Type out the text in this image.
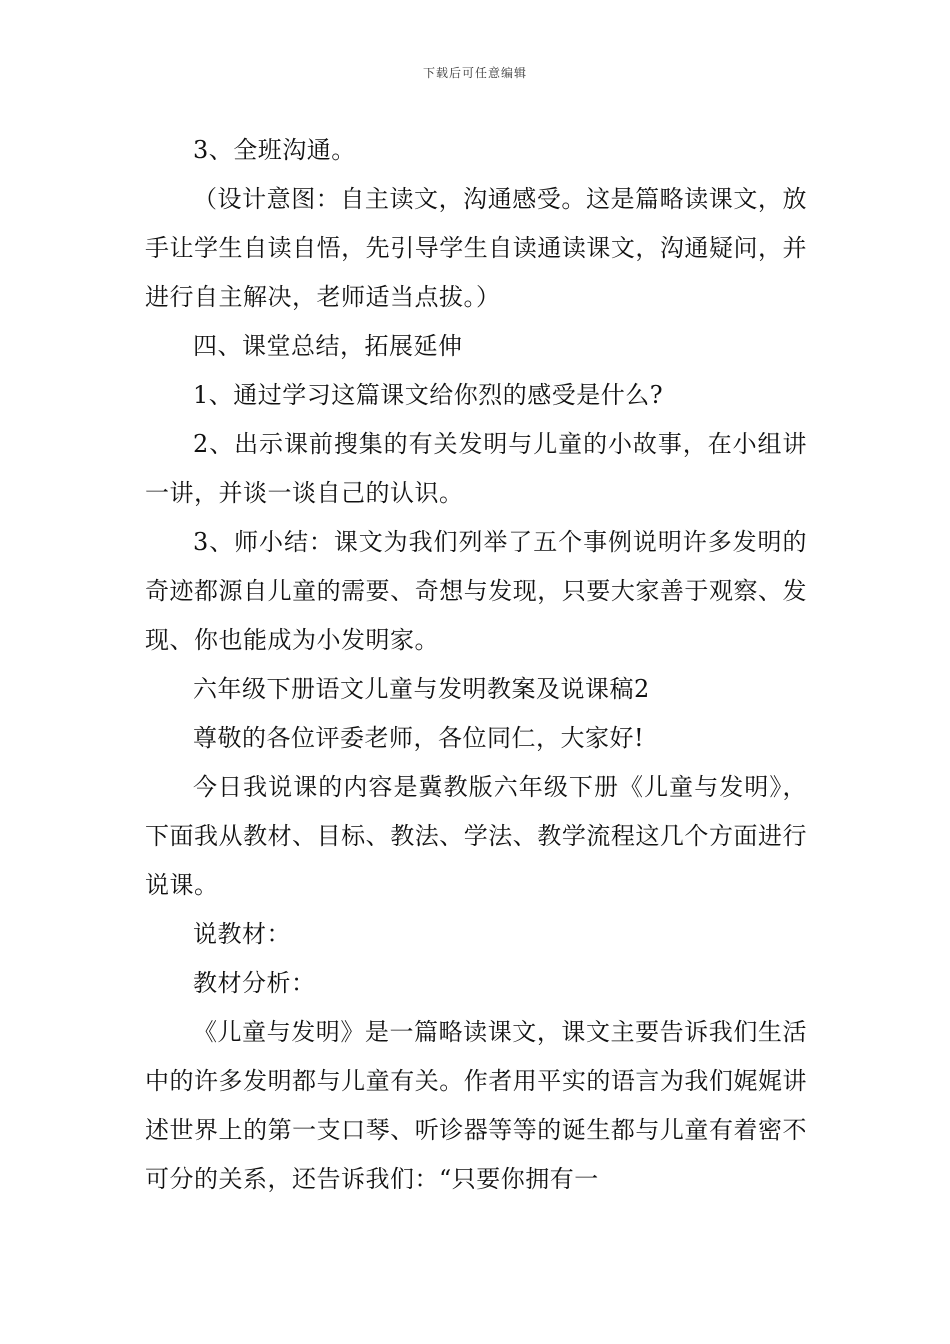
下载后可任意编辑

3、全班沟通。

（设计意图：自主读文，沟通感受。这是篇略读课文，放手让学生自读自悟，先引导学生自读通读课文，沟通疑问，并进行自主解决，老师适当点拔。）

四、课堂总结，拓展延伸

1、通过学习这篇课文给你烈的感受是什么?

2、出示课前搜集的有关发明与儿童的小故事，在小组讲一讲，并谈一谈自己的认识。

3、师小结：课文为我们列举了五个事例说明许多发明的奇迹都源自儿童的需要、奇想与发现，只要大家善于观察、发现、你也能成为小发明家。

六年级下册语文儿童与发明教案及说课稿2

尊敬的各位评委老师，各位同仁，大家好!

今日我说课的内容是冀教版六年级下册《儿童与发明》，下面我从教材、目标、教法、学法、教学流程这几个方面进行说课。

说教材：

教材分析：

《儿童与发明》是一篇略读课文，课文主要告诉我们生活中的许多发明都与儿童有关。作者用平实的语言为我们娓娓讲述世界上的第一支口琴、听诊器等等的诞生都与儿童有着密不可分的关系，还告诉我们：“只要你拥有一
